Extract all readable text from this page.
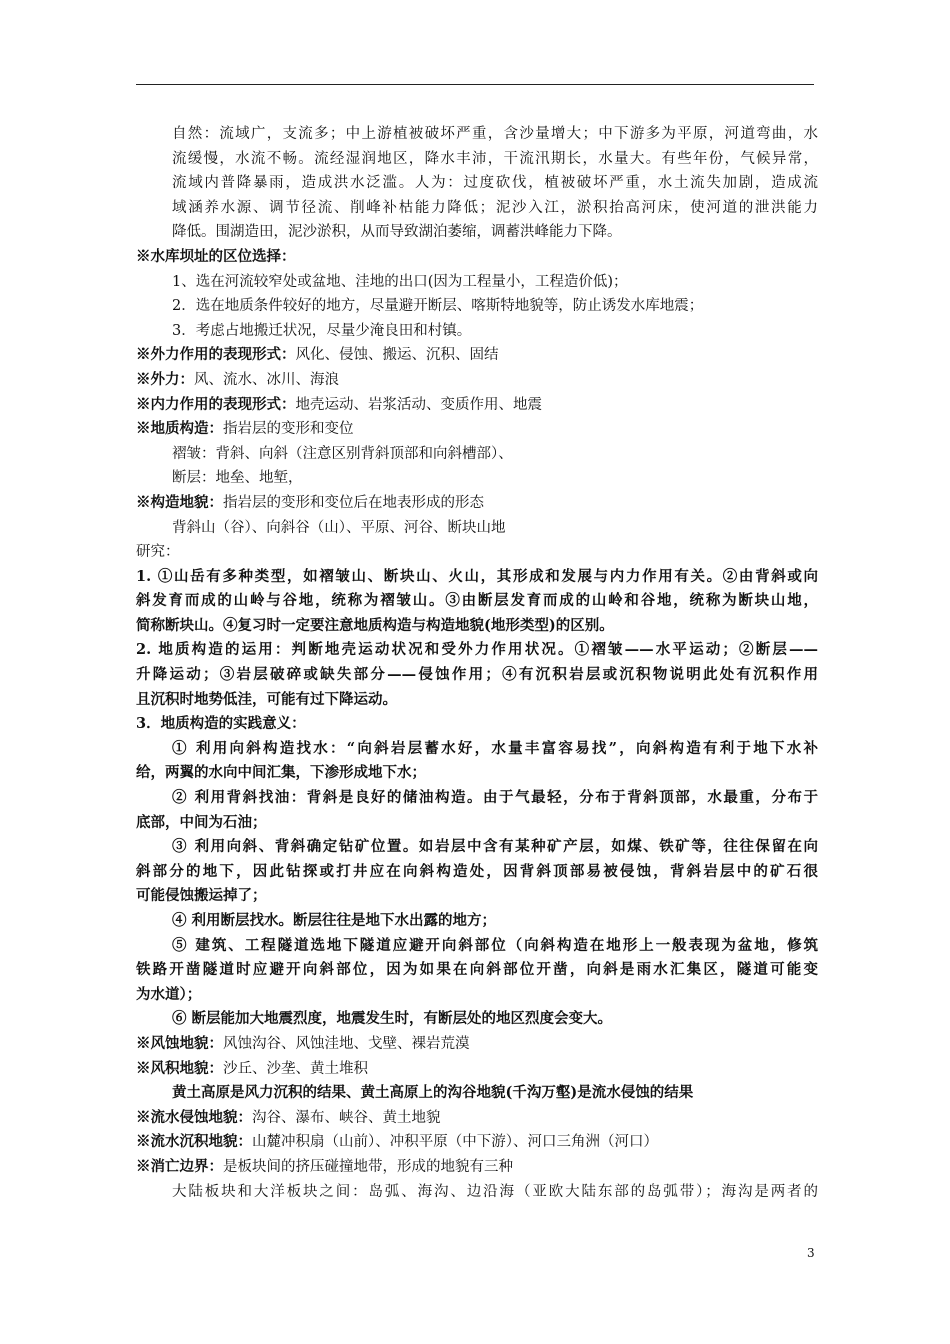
自然：流域广，支流多；中上游植被破坏严重，含沙量增大；中下游多为平原，河道弯曲，水
流缓慢，水流不畅。流经湿润地区，降水丰沛，干流汛期长，水量大。有些年份，气候异常，
流域内普降暴雨，造成洪水泛滥。人为：过度砍伐，植被破坏严重，水土流失加剧，造成流
域涵养水源、调节径流、削峰补枯能力降低；泥沙入江，淤积抬高河床，使河道的泄洪能力
降低。围湖造田，泥沙淤积，从而导致湖泊萎缩，调蓄洪峰能力下降。
※水库坝址的区位选择：
1、选在河流较窄处或盆地、洼地的出口(因为工程量小，工程造价低)；
2．选在地质条件较好的地方，尽量避开断层、喀斯特地貌等，防止诱发水库地震；
3．考虑占地搬迁状况，尽量少淹良田和村镇。
※外力作用的表现形式：风化、侵蚀、搬运、沉积、固结
※外力：风、流水、冰川、海浪
※内力作用的表现形式：地壳运动、岩浆活动、变质作用、地震
※地质构造：指岩层的变形和变位
褶皱：背斜、向斜（注意区别背斜顶部和向斜槽部）、
断层：地垒、地堑，
※构造地貌：指岩层的变形和变位后在地表形成的形态
背斜山（谷）、向斜谷（山）、平原、河谷、断块山地
研究：
1. ①山岳有多种类型，如褶皱山、断块山、火山，其形成和发展与内力作用有关。②由背斜或向
斜发育而成的山岭与谷地，统称为褶皱山。③由断层发育而成的山岭和谷地，统称为断块山地，
简称断块山。④复习时一定要注意地质构造与构造地貌(地形类型)的区别。
2. 地质构造的运用：判断地壳运动状况和受外力作用状况。①褶皱——水平运动；②断层——
升降运动；③岩层破碎或缺失部分——侵蚀作用；④有沉积岩层或沉积物说明此处有沉积作用
且沉积时地势低洼，可能有过下降运动。
3．地质构造的实践意义：
① 利用向斜构造找水：“向斜岩层蓄水好，水量丰富容易找”，向斜构造有利于地下水补
给，两翼的水向中间汇集，下渗形成地下水；
② 利用背斜找油：背斜是良好的储油构造。由于气最轻，分布于背斜顶部，水最重，分布于
底部，中间为石油；
③ 利用向斜、背斜确定钻矿位置。如岩层中含有某种矿产层，如煤、铁矿等，往往保留在向
斜部分的地下，因此钻探或打井应在向斜构造处，因背斜顶部易被侵蚀，背斜岩层中的矿石很
可能侵蚀搬运掉了；
④ 利用断层找水。断层往往是地下水出露的地方；
⑤ 建筑、工程隧道选地下隧道应避开向斜部位（向斜构造在地形上一般表现为盆地，修筑
铁路开凿隧道时应避开向斜部位，因为如果在向斜部位开凿，向斜是雨水汇集区，隧道可能变
为水道）；
⑥ 断层能加大地震烈度，地震发生时，有断层处的地区烈度会变大。
※风蚀地貌：风蚀沟谷、风蚀洼地、戈壁、裸岩荒漠
※风积地貌：沙丘、沙垄、黄土堆积
黄土高原是风力沉积的结果、黄土高原上的沟谷地貌(千沟万壑)是流水侵蚀的结果
※流水侵蚀地貌：沟谷、瀑布、峡谷、黄土地貌
※流水沉积地貌：山麓冲积扇（山前）、冲积平原（中下游）、河口三角洲（河口）
※消亡边界：是板块间的挤压碰撞地带，形成的地貌有三种
大陆板块和大洋板块之间：岛弧、海沟、边沿海（亚欧大陆东部的岛弧带）；海沟是两者的
3
